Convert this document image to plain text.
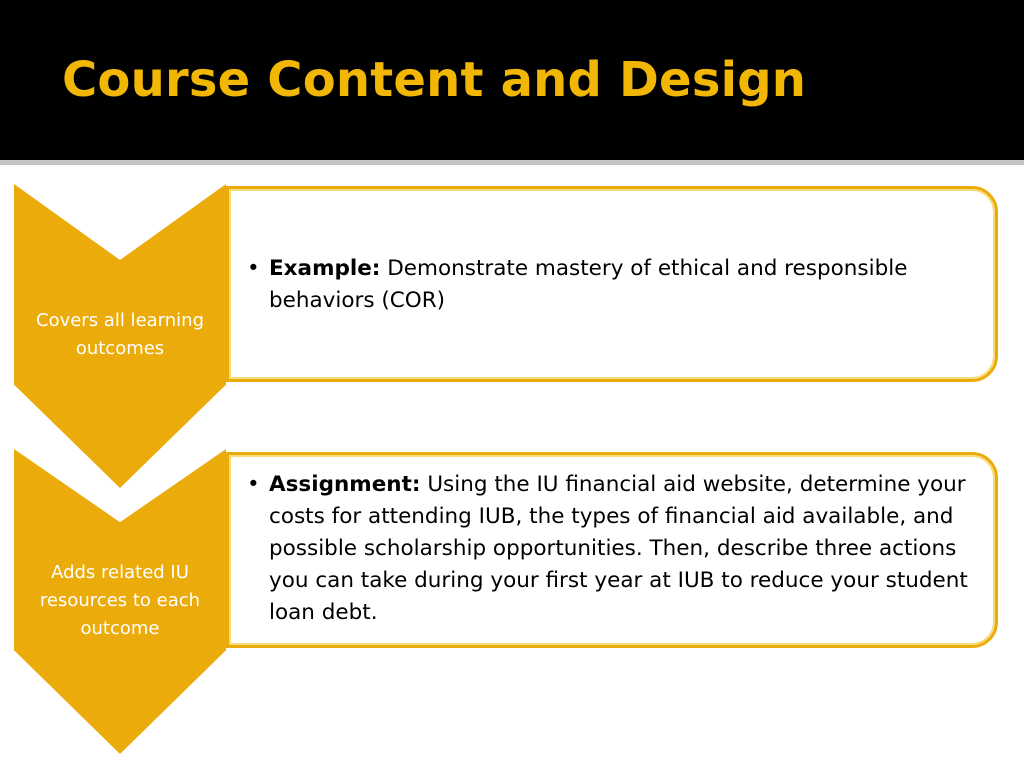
Course Content and Design

Covers all learning outcomes

• Example: Demonstrate mastery of ethical and responsible behaviors (COR)

Adds related IU resources to each outcome

• Assignment: Using the IU financial aid website, determine your costs for attending IUB, the types of financial aid available, and possible scholarship opportunities. Then, describe three actions you can take during your first year at IUB to reduce your student loan debt.
